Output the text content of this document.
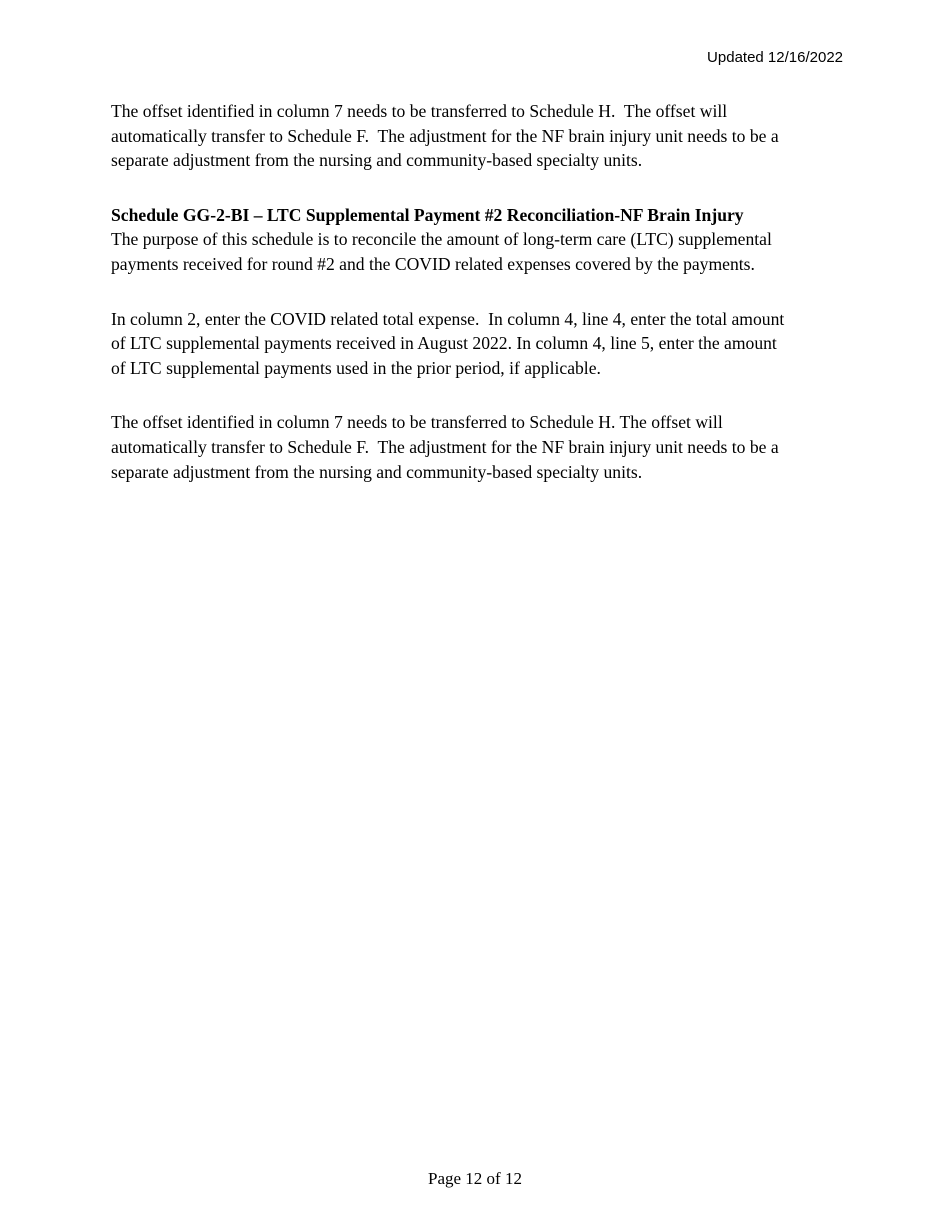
Updated 12/16/2022

The offset identified in column 7 needs to be transferred to Schedule H.  The offset will
automatically transfer to Schedule F.  The adjustment for the NF brain injury unit needs to be a
separate adjustment from the nursing and community-based specialty units.

Schedule GG-2-BI – LTC Supplemental Payment #2 Reconciliation-NF Brain Injury

The purpose of this schedule is to reconcile the amount of long-term care (LTC) supplemental
payments received for round #2 and the COVID related expenses covered by the payments.

In column 2, enter the COVID related total expense.  In column 4, line 4, enter the total amount
of LTC supplemental payments received in August 2022. In column 4, line 5, enter the amount
of LTC supplemental payments used in the prior period, if applicable.

The offset identified in column 7 needs to be transferred to Schedule H. The offset will
automatically transfer to Schedule F.  The adjustment for the NF brain injury unit needs to be a
separate adjustment from the nursing and community-based specialty units.

Page 12 of 12
